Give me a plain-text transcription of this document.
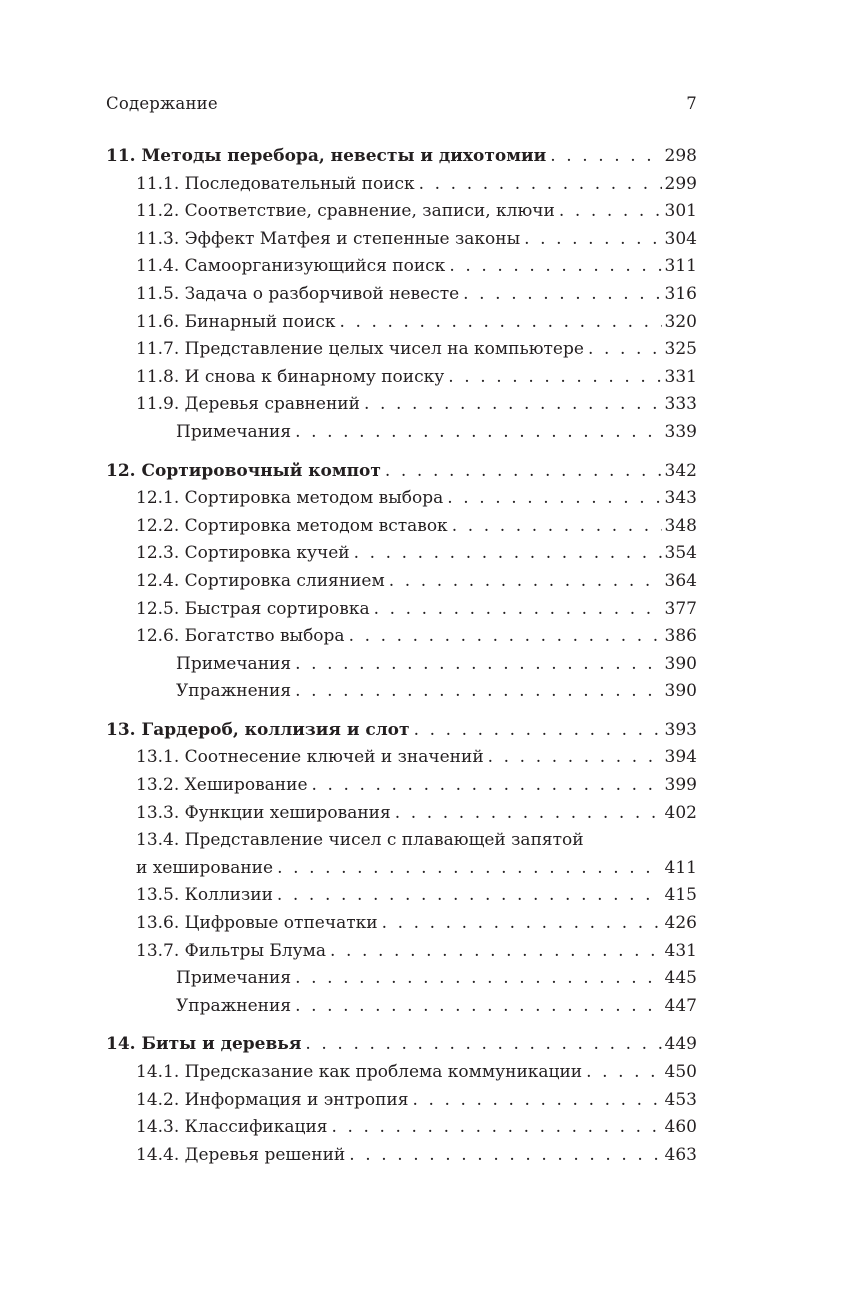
Содержание	7
11. Методы перебора, невесты и дихотомии . . .	298
11.1. Последовательный поиск . . .	299
11.2. Соответствие, сравнение, записи, ключи . . .	301
11.3. Эффект Матфея и степенные законы . . .	304
11.4. Самоорганизующийся поиск . . .	311
11.5. Задача о разборчивой невесте . . .	316
11.6. Бинарный поиск . . .	320
11.7. Представление целых чисел на компьютере . . .	325
11.8. И снова к бинарному поиску . . .	331
11.9. Деревья сравнений . . .	333
Примечания . . .	339
12. Сортировочный компот . . .	342
12.1. Сортировка методом выбора . . .	343
12.2. Сортировка методом вставок . . .	348
12.3. Сортировка кучей . . .	354
12.4. Сортировка слиянием . . .	364
12.5. Быстрая сортировка . . .	377
12.6. Богатство выбора . . .	386
Примечания . . .	390
Упражнения . . .	390
13. Гардероб, коллизия и слот . . .	393
13.1. Соотнесение ключей и значений . . .	394
13.2. Хеширование . . .	399
13.3. Функции хеширования . . .	402
13.4. Представление чисел с плавающей запятой
и хеширование . . .	411
13.5. Коллизии . . .	415
13.6. Цифровые отпечатки . . .	426
13.7. Фильтры Блума . . .	431
Примечания . . .	445
Упражнения . . .	447
14. Биты и деревья . . .	449
14.1. Предсказание как проблема коммуникации . . .	450
14.2. Информация и энтропия . . .	453
14.3. Классификация . . .	460
14.4. Деревья решений . . .	463
